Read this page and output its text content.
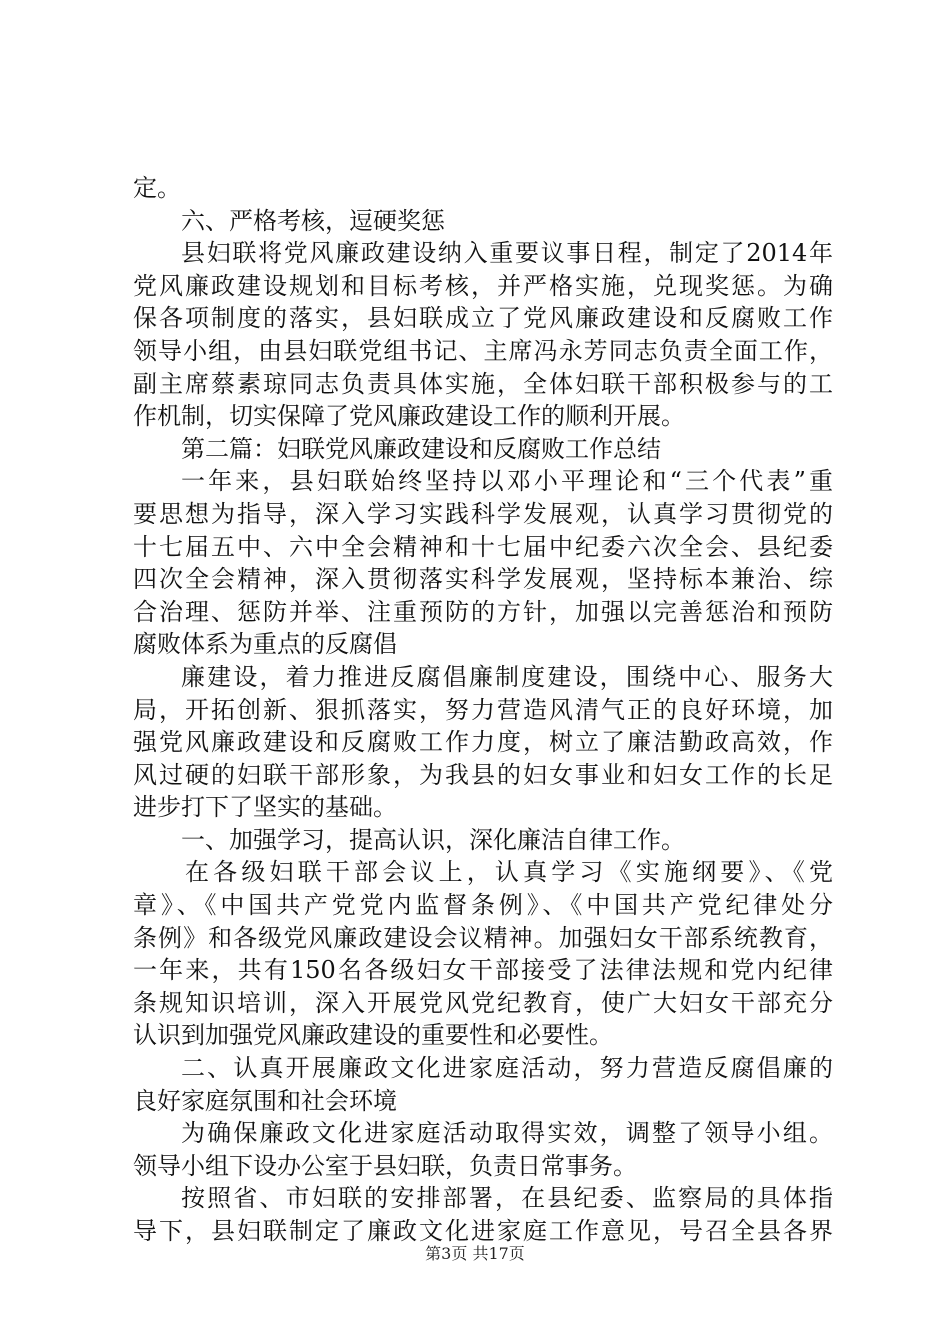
定。
六、严格考核，逗硬奖惩
县妇联将党风廉政建设纳入重要议事日程，制定了2014年
党风廉政建设规划和目标考核，并严格实施，兑现奖惩。为确
保各项制度的落实，县妇联成立了党风廉政建设和反腐败工作
领导小组，由县妇联党组书记、主席冯永芳同志负责全面工作，
副主席蔡素琼同志负责具体实施，全体妇联干部积极参与的工
作机制，切实保障了党风廉政建设工作的顺利开展。
第二篇：妇联党风廉政建设和反腐败工作总结
一年来，县妇联始终坚持以邓小平理论和“三个代表”重
要思想为指导，深入学习实践科学发展观，认真学习贯彻党的
十七届五中、六中全会精神和十七届中纪委六次全会、县纪委
四次全会精神，深入贯彻落实科学发展观，坚持标本兼治、综
合治理、惩防并举、注重预防的方针，加强以完善惩治和预防
腐败体系为重点的反腐倡
廉建设，着力推进反腐倡廉制度建设，围绕中心、服务大
局，开拓创新、狠抓落实，努力营造风清气正的良好环境，加
强党风廉政建设和反腐败工作力度，树立了廉洁勤政高效，作
风过硬的妇联干部形象，为我县的妇女事业和妇女工作的长足
进步打下了坚实的基础。
一、加强学习，提高认识，深化廉洁自律工作。
在各级妇联干部会议上，认真学习《实施纲要》、《党
章》、《中国共产党党内监督条例》、《中国共产党纪律处分
条例》和各级党风廉政建设会议精神。加强妇女干部系统教育，
一年来，共有150名各级妇女干部接受了法律法规和党内纪律
条规知识培训，深入开展党风党纪教育，使广大妇女干部充分
认识到加强党风廉政建设的重要性和必要性。
二、认真开展廉政文化进家庭活动，努力营造反腐倡廉的
良好家庭氛围和社会环境
为确保廉政文化进家庭活动取得实效，调整了领导小组。
领导小组下设办公室于县妇联，负责日常事务。
按照省、市妇联的安排部署，在县纪委、监察局的具体指
导下，县妇联制定了廉政文化进家庭工作意见，号召全县各界
第3页 共17页
